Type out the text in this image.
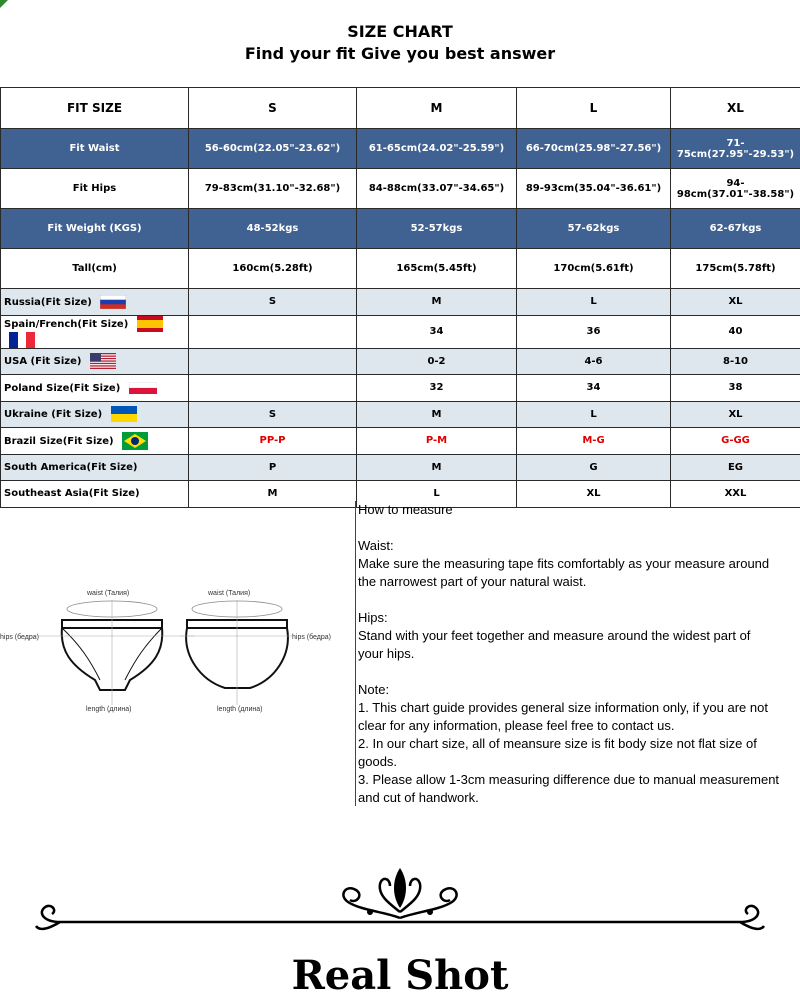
SIZE CHART
Find your fit Give you best answer
FIT SIZE	S	M	L	XL
Fit Waist	56-60cm(22.05"-23.62")	61-65cm(24.02"-25.59")	66-70cm(25.98"-27.56")	71-75cm(27.95"-29.53")
Fit Hips	79-83cm(31.10"-32.68")	84-88cm(33.07"-34.65")	89-93cm(35.04"-36.61")	94-98cm(37.01"-38.58")
Fit Weight (KGS)	48-52kgs	52-57kgs	57-62kgs	62-67kgs
Tall(cm)	160cm(5.28ft)	165cm(5.45ft)	170cm(5.61ft)	175cm(5.78ft)
Russia(Fit Size)	S	M	L	XL
Spain/French(Fit Size)		34	36	40
USA (Fit Size)		0-2	4-6	8-10
Poland Size(Fit Size)		32	34	38
Ukraine (Fit Size)	S	M	L	XL
Brazil Size(Fit Size)	PP-P	P-M	M-G	G-GG
South America(Fit Size)	P	M	G	EG
Southeast Asia(Fit Size)	M	L	XL	XXL
waist (Талия)	waist (Талия)
hips (бедра)	hips (бедра)
length (длина)	length (длина)

How to measure

Waist:
Make sure the measuring tape fits comfortably as your measure around
the narrowest part of your natural waist.

Hips:
Stand with your feet together and measure around the widest part of
your hips.

Note:
1. This chart guide provides general size information only, if you are not
clear for any information, please feel free to contact us.
2. In our chart size, all of meansure size is fit body size not flat size of
goods.
3. Please allow 1-3cm measuring difference due to manual measurement
and cut of handwork.

Real Shot
